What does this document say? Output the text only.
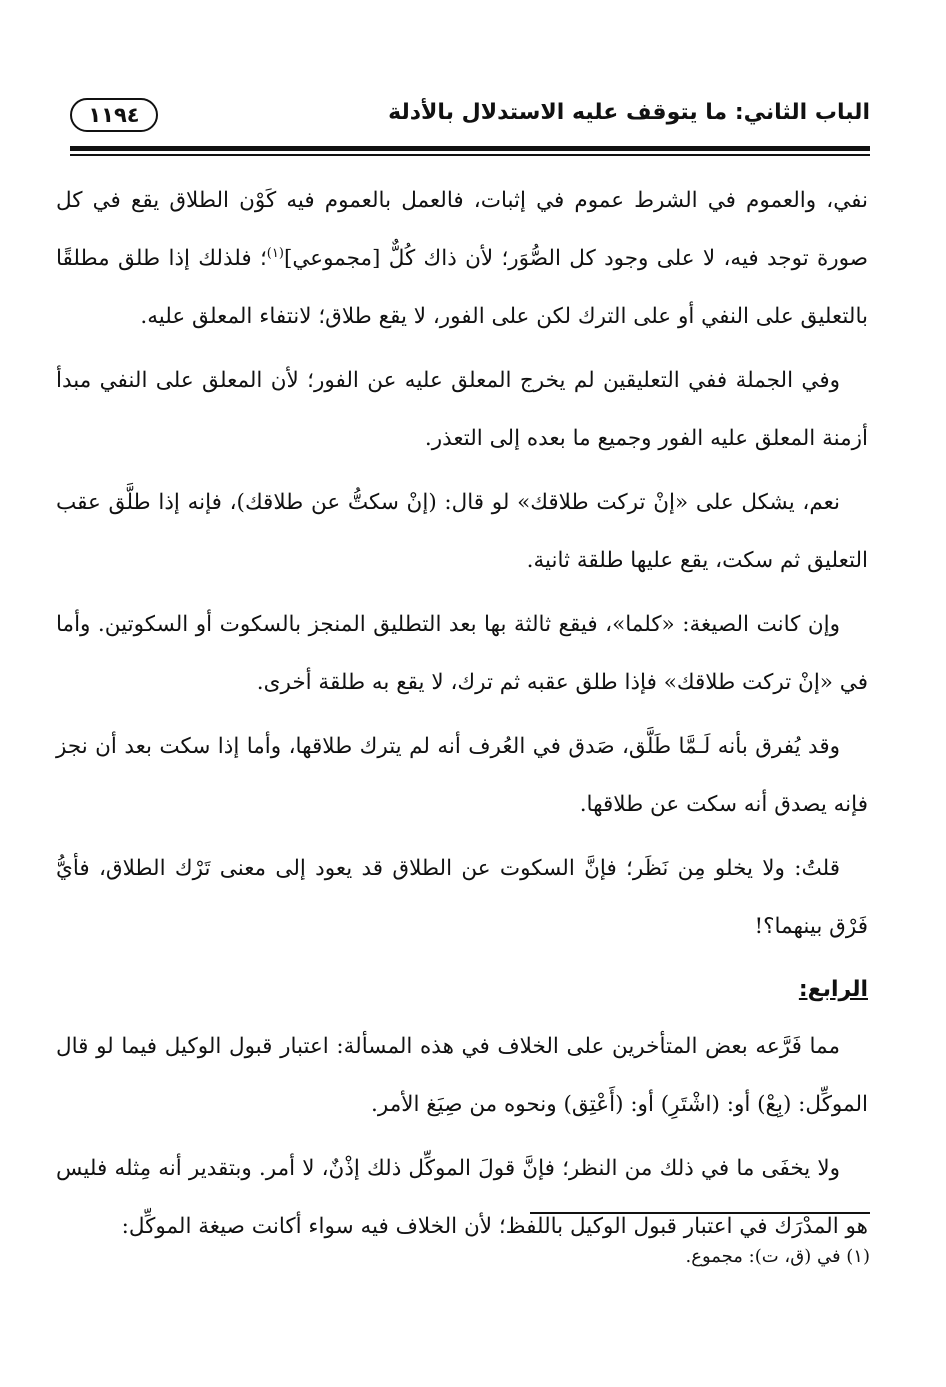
الباب الثاني: ما يتوقف عليه الاستدلال بالأدلة
١١٩٤

نفي، والعموم في الشرط عموم في إثبات، فالعمل بالعموم فيه كَوْن الطلاق يقع في كل صورة توجد فيه، لا على وجود كل الصُّوَر؛ لأن ذاك كُلٌّ [مجموعي]$^{(١)}$؛ فلذلك إذا طلق مطلقًا بالتعليق على النفي أو على الترك لكن على الفور، لا يقع طلاق؛ لانتفاء المعلق عليه.

وفي الجملة ففي التعليقين لم يخرج المعلق عليه عن الفور؛ لأن المعلق على النفي مبدأ أزمنة المعلق عليه الفور وجميع ما بعده إلى التعذر.

نعم، يشكل على «إنْ تركت طلاقك» لو قال: (إنْ سكتُّ عن طلاقك)، فإنه إذا طلَّق عقب التعليق ثم سكت، يقع عليها طلقة ثانية.

وإن كانت الصيغة: «كلما»، فيقع ثالثة بها بعد التطليق المنجز بالسكوت أو السكوتين. وأما في «إنْ تركت طلاقك» فإذا طلق عقبه ثم ترك، لا يقع به طلقة أخرى.

وقد يُفرق بأنه لَـمَّا طَلَّق، صَدق في العُرف أنه لم يترك طلاقها، وأما إذا سكت بعد أن نجز فإنه يصدق أنه سكت عن طلاقها.

قلتُ: ولا يخلو مِن نَظَر؛ فإنَّ السكوت عن الطلاق قد يعود إلى معنى تَرْك الطلاق، فأيُّ فَرْق بينهما؟!

الرابع:

مما فَرَّعه بعض المتأخرين على الخلاف في هذه المسألة: اعتبار قبول الوكيل فيما لو قال الموكِّل: (بِعْ) أو: (اشْتَرِ) أو: (أَعْتِق) ونحوه من صِيَغ الأمر.

ولا يخفَى ما في ذلك من النظر؛ فإنَّ قولَ الموكِّل ذلك إذْنٌ، لا أمر. وبتقدير أنه مِثله فليس هو المدْرَك في اعتبار قبول الوكيل باللفظ؛ لأن الخلاف فيه سواء أكانت صيغة الموكِّل:

(١) في (ق، ت): مجموع.
